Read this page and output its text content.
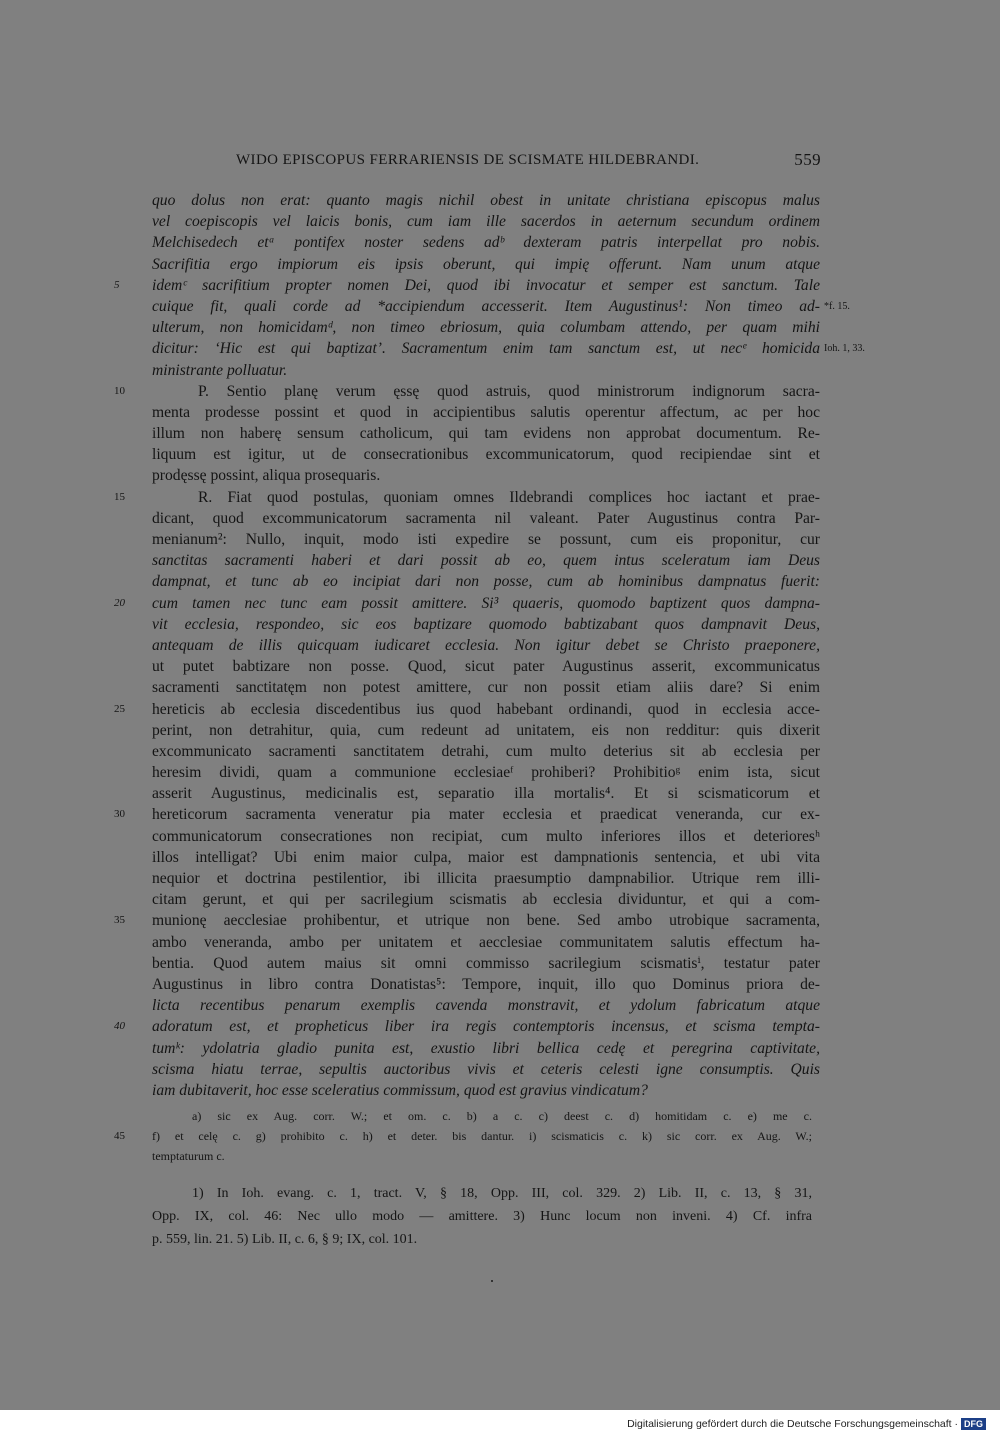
WIDO EPISCOPUS FERRARIENSIS DE SCISMATE HILDEBRANDI.	559
quo dolus non erat: quanto magis nichil obest in unitate christiana episcopus malus
vel coepiscopis vel laicis bonis, cum iam ille sacerdos in aeternum secundum ordinem
Melchisedech etᵃ pontifex noster sedens adᵇ dexteram patris interpellat pro nobis.
Sacrifitia ergo impiorum eis ipsis oberunt, qui impię offerunt. Nam unum atque
idemᶜ sacrifitium propter nomen Dei, quod ibi invocatur et semper est sanctum. Tale
5
cuique fit, quali corde ad *accipiendum accesserit. Item Augustinus¹: Non timeo ad- *f. 15.
ulterum, non homicidamᵈ, non timeo ebriosum, quia columbam attendo, per quam mihi
dicitur: ‘Hic est qui baptizat’. Sacramentum enim tam sanctum est, ut necᵉ homicida Ioh. 1, 33.
ministrante polluatur.
P. Sentio planę verum ęssę quod astruis, quod ministrorum indignorum sacra-
10
menta prodesse possint et quod in accipientibus salutis operentur affectum, ac per hoc
illum non haberę sensum catholicum, qui tam evidens non approbat documentum. Re-
liquum est igitur, ut de consecrationibus excommunicatorum, quod recipiendae sint et
prodęssę possint, aliqua prosequaris.
R. Fiat quod postulas, quoniam omnes Ildebrandi complices hoc iactant et prae-
15
dicant, quod excommunicatorum sacramenta nil valeant. Pater Augustinus contra Par-
menianum²: Nullo, inquit, modo isti expedire se possunt, cum eis proponitur, cur
sanctitas sacramenti haberi et dari possit ab eo, quem intus sceleratum iam Deus
dampnat, et tunc ab eo incipiat dari non posse, cum ab hominibus dampnatus fuerit:
cum tamen nec tunc eam possit amittere. Si³ quaeris, quomodo baptizent quos dampna-
20
vit ecclesia, respondeo, sic eos baptizare quomodo babtizabant quos dampnavit Deus,
antequam de illis quicquam iudicaret ecclesia. Non igitur debet se Christo praeponere,
ut putet babtizare non posse. Quod, sicut pater Augustinus asserit, excommunicatus
sacramenti sanctitatęm non potest amittere, cur non possit etiam aliis dare? Si enim
hereticis ab ecclesia discedentibus ius quod habebant ordinandi, quod in ecclesia acce-
25
perint, non detrahitur, quia, cum redeunt ad unitatem, eis non redditur: quis dixerit
excommunicato sacramenti sanctitatem detrahi, cum multo deterius sit ab ecclesia per
heresim dividi, quam a communione ecclesiaeᶠ prohiberi? Prohibitioᵍ enim ista, sicut
asserit Augustinus, medicinalis est, separatio illa mortalis⁴. Et si scismaticorum et
hereticorum sacramenta veneratur pia mater ecclesia et praedicat veneranda, cur ex-
30
communicatorum consecrationes non recipiat, cum multo inferiores illos et deterioresʰ
illos intelligat? Ubi enim maior culpa, maior est dampnationis sentencia, et ubi vita
nequior et doctrina pestilentior, ibi illicita praesumptio dampnabilior. Utrique rem illi-
citam gerunt, et qui per sacrilegium scismatis ab ecclesia dividuntur, et qui a com-
munionę aecclesiae prohibentur, et utrique non bene. Sed ambo utrobique sacramenta,
35
ambo veneranda, ambo per unitatem et aecclesiae communitatem salutis effectum ha-
bentia. Quod autem maius sit omni commisso sacrilegium scismatisⁱ, testatur pater
Augustinus in libro contra Donatistas⁵: Tempore, inquit, illo quo Dominus priora de-
licta recentibus penarum exemplis cavenda monstravit, et ydolum fabricatum atque
adoratum est, et propheticus liber ira regis contemptoris incensus, et scisma tempta-
40
tumᵏ: ydolatria gladio punita est, exustio libri bellica cedę et peregrina captivitate,
scisma hiatu terrae, sepultis auctoribus vivis et ceteris celesti igne consumptis. Quis
iam dubitaverit, hoc esse sceleratius commissum, quod est gravius vindicatum?
a) sic ex Aug. corr. W.; et om. c. b) a c. c) deest c. d) homitidam c. e) me c.
f) et celę c. g) prohibito c. h) et deter. bis dantur. i) scismaticis c. k) sic corr. ex Aug. W.;
45
temptaturum c.
1) In Ioh. evang. c. 1, tract. V, § 18, Opp. III, col. 329. 2) Lib. II, c. 13, § 31,
Opp. IX, col. 46: Nec ullo modo — amittere. 3) Hunc locum non inveni. 4) Cf. infra
p. 559, lin. 21. 5) Lib. II, c. 6, § 9; IX, col. 101.
Digitalisierung gefördert durch die Deutsche Forschungsgemeinschaft · DFG
